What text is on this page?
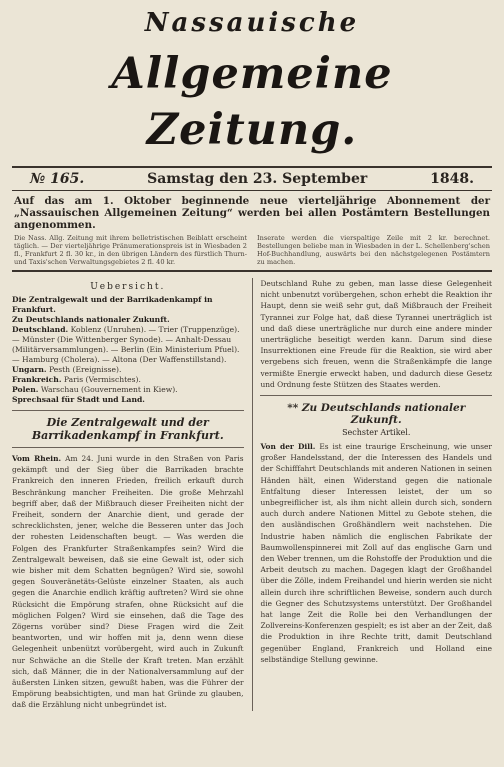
Nassauische
Allgemeine Zeitung.
№ 165.	Samstag den 23. September	1848.
Auf das am 1. Oktober beginnende neue vierteljährige Abonnement der „Nassauischen Allgemeinen Zeitung“ werden bei allen Postämtern Bestellungen angenommen.
Die Nass. Allg. Zeitung mit ihrem belletristischen Beiblatt erscheint täglich. — Der vierteljährige Pränumerationspreis ist in Wiesbaden 2 fl., Frankfurt 2 fl. 30 kr., in den übrigen Ländern des fürstlich Thurn- und Taxis'schen Verwaltungsgebietes 2 fl. 40 kr.
Inserate werden die vierspaltige Zeile mit 2 kr. berechnet. Bestellungen beliebe man in Wiesbaden in der L. Schellenberg'schen Hof-Buchhandlung, auswärts bei den nächstgelegenen Postämtern zu machen.
Uebersicht.
Die Zentralgewalt und der Barrikadenkampf in Frankfurt.
Zu Deutschlands nationaler Zukunft.
Deutschland. Koblenz (Unruhen). — Trier (Truppenzüge). — Münster (Die Wittenberger Synode). — Anhalt-Dessau (Militärversammlungen). — Berlin (Ein Ministerium Pfuel). — Hamburg (Cholera). — Altona (Der Waffenstillstand).
Ungarn. Pesth (Ereignisse).
Frankreich. Paris (Vermischtes).
Polen. Warschau (Gouvernement in Kiew).
Sprechsaal für Stadt und Land.
Die Zentralgewalt und der Barrikadenkampf in Frankfurt.
Vom Rhein. Am 24. Juni wurde in den Straßen von Paris gekämpft und der Sieg über die Barrikaden brachte Frankreich den inneren Frieden, freilich erkauft durch Beschränkung mancher Freiheiten. Die große Mehrzahl begriff aber, daß der Mißbrauch dieser Freiheiten nicht der Freiheit, sondern der Anarchie dient, und gerade der schrecklichsten, jener, welche die Besseren unter das Joch der rohesten Leidenschaften beugt. — Was werden die Folgen des Frankfurter Straßenkampfes sein? Wird die Zentralgewalt beweisen, daß sie eine Gewalt ist, oder sich wie bisher mit dem Schatten begnügen? Wird sie, sowohl gegen Souveränetäts-Gelüste einzelner Staaten, als auch gegen die Anarchie endlich kräftig auftreten? Wird sie ohne Rücksicht die Empörung strafen, ohne Rücksicht auf die möglichen Folgen? Wird sie einsehen, daß die Tage des Zögerns vorüber sind? Diese Fragen wird die Zeit beantworten, und wir hoffen mit ja, denn wenn diese Gelegenheit unbenützt vorübergeht, wird auch in Zukunft nur Schwäche an die Stelle der Kraft treten. Man erzählt sich, daß Männer, die in der Nationalversammlung auf der äußersten Linken sitzen, gewußt haben, was die Führer der Empörung beabsichtigten, und man hat Gründe zu glauben, daß die Erzählung nicht unbegründet ist.
Deutschland Ruhe zu geben, man lasse diese Gelegenheit nicht unbenutzt vorübergehen, schon erhebt die Reaktion ihr Haupt, denn sie weiß sehr gut, daß Mißbrauch der Freiheit Tyrannei zur Folge hat, daß diese Tyrannei unerträglich ist und daß diese unerträgliche nur durch eine andere minder unerträgliche beseitigt werden kann. Darum sind diese Insurrektionen eine Freude für die Reaktion, sie wird aber vergebens sich freuen, wenn die Straßenkämpfe die lange vermißte Energie erweckt haben, und dadurch diese Gesetz und Ordnung feste Stützen des Staates werden.
** Zu Deutschlands nationaler Zukunft.
Sechster Artikel.
Von der Dill. Es ist eine traurige Erscheinung, wie unser großer Handelsstand, der die Interessen des Handels und der Schifffahrt Deutschlands mit anderen Nationen in seinen Händen hält, einen Widerstand gegen die nationale Entfaltung dieser Interessen leistet, der um so unbegreiflicher ist, als ihm nicht allein durch sich, sondern auch durch andere Nationen Mittel zu Gebote stehen, die den ausländischen Großhändlern weit nachstehen. Die Industrie haben nämlich die englischen Fabrikate der Baumwollenspinnerei mit Zoll auf das englische Garn und den Weber trennen, um die Rohstoffe der Produktion und die Arbeit deutsch zu machen. Dagegen klagt der Großhandel über die Zölle, indem Freihandel und hierin werden sie nicht allein durch ihre schriftlichen Beweise, sondern auch durch die Gegner des Schutzsystems unterstützt. Der Großhandel hat lange Zeit die Rolle bei den Verhandlungen der Zollvereins-Konferenzen gespielt; es ist aber an der Zeit, daß die Produktion in ihre Rechte tritt, damit Deutschland gegenüber England, Frankreich und Holland eine selbständige Stellung gewinne.
